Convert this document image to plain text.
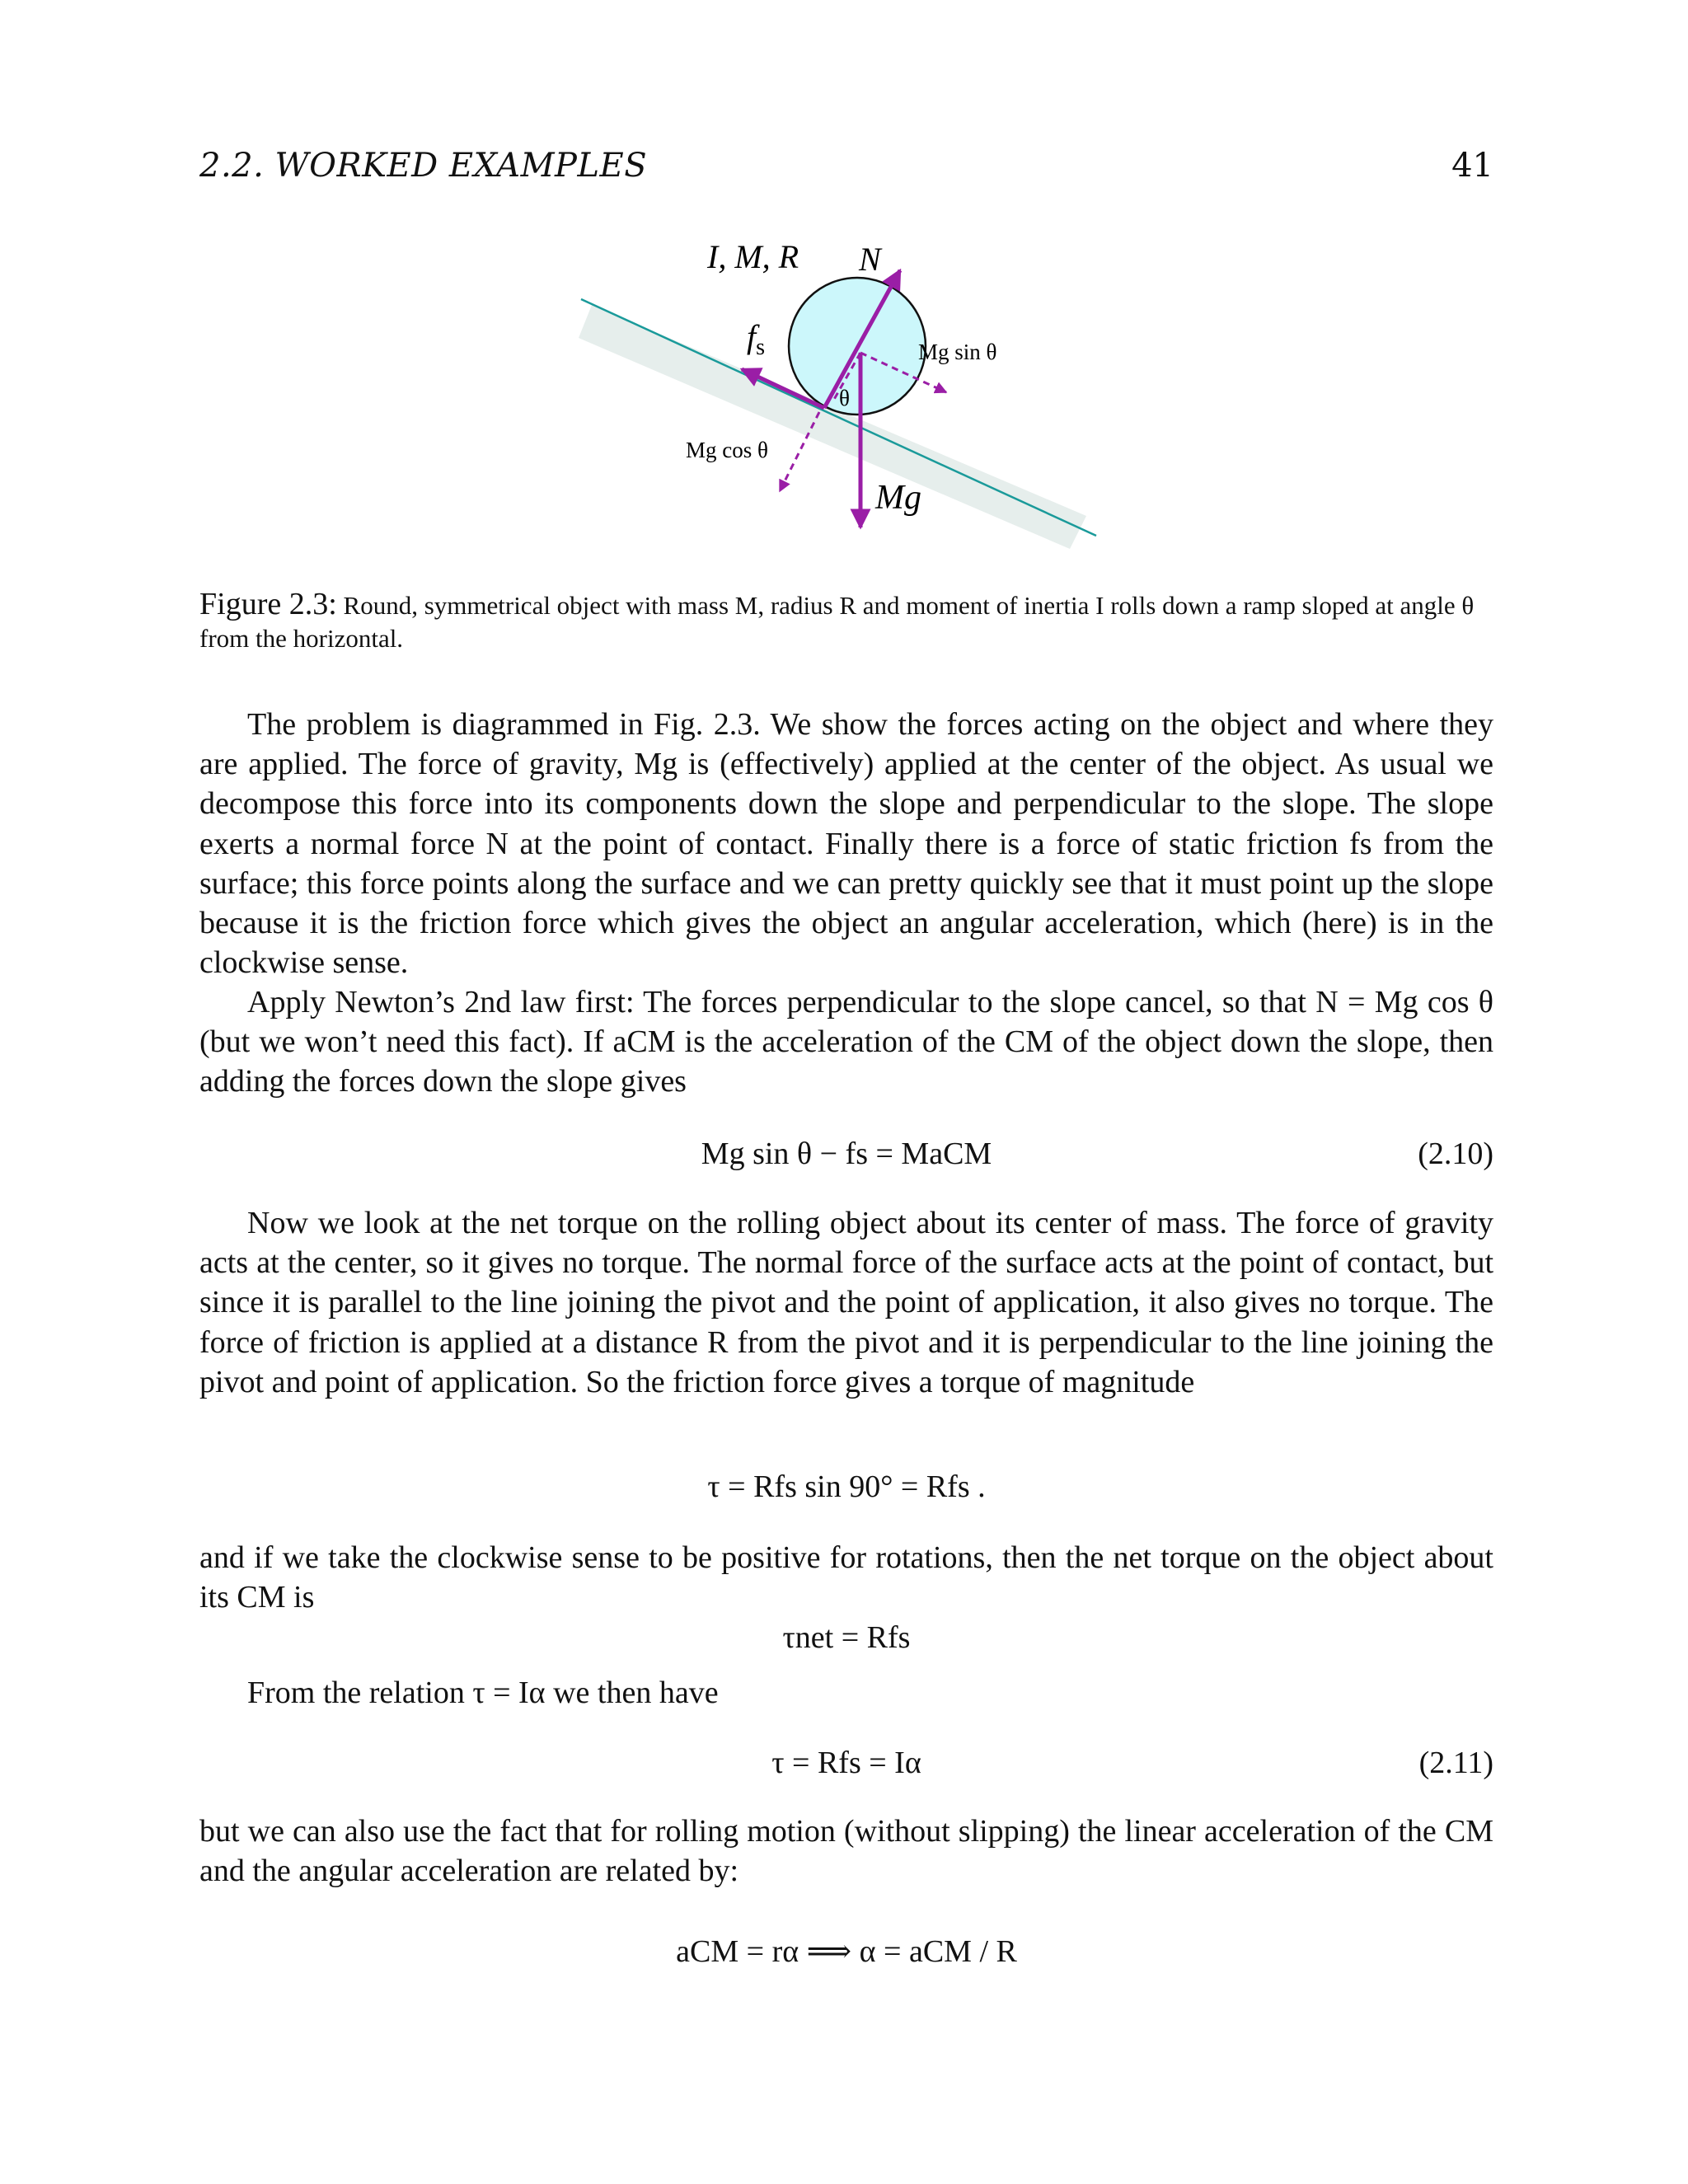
2.2. WORKED EXAMPLES	41
I, M, R N
$f_s$	Mg sin θ
θ
Mg cos θ
Mg
Figure 2.3: Round, symmetrical object with mass M, radius R and moment of inertia I rolls down a ramp sloped at angle θ from the horizontal.

The problem is diagrammed in Fig. 2.3. We show the forces acting on the object and where they are applied. The force of gravity, Mg is (effectively) applied at the center of the object. As usual we decompose this force into its components down the slope and perpendicular to the slope. The slope exerts a normal force N at the point of contact. Finally there is a force of static friction fs from the surface; this force points along the surface and we can pretty quickly see that it must point up the slope because it is the friction force which gives the object an angular acceleration, which (here) is in the clockwise sense.

Apply Newton’s 2nd law first: The forces perpendicular to the slope cancel, so that N = Mg cos θ (but we won’t need this fact). If aCM is the acceleration of the CM of the object down the slope, then adding the forces down the slope gives

Mg sin θ − fs = MaCM	(2.10)

Now we look at the net torque on the rolling object about its center of mass. The force of gravity acts at the center, so it gives no torque. The normal force of the surface acts at the point of contact, but since it is parallel to the line joining the pivot and the point of application, it also gives no torque. The force of friction is applied at a distance R from the pivot and it is perpendicular to the line joining the pivot and point of application. So the friction force gives a torque of magnitude

τ = Rfs sin 90° = Rfs .

and if we take the clockwise sense to be positive for rotations, then the net torque on the object about its CM is

τnet = Rfs

From the relation τ = Iα we then have

τ = Rfs = Iα	(2.11)

but we can also use the fact that for rolling motion (without slipping) the linear acceleration of the CM and the angular acceleration are related by:

aCM = rα ⟹ α = aCM / R
